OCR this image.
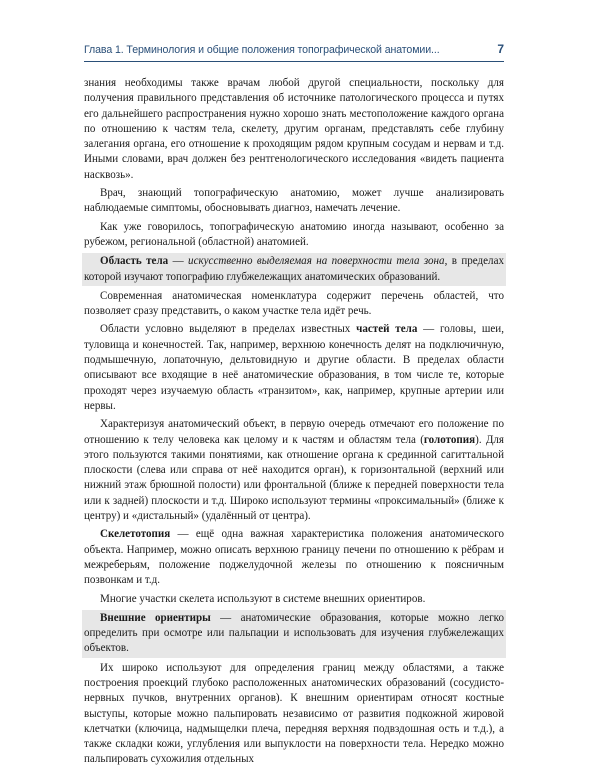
Глава 1. Терминология и общие положения топографической анатомии...	7

знания необходимы также врачам любой другой специальности, поскольку для получения правильного представления об источнике патологического процесса и путях его дальнейшего распространения нужно хорошо знать местоположение каждого органа по отношению к частям тела, скелету, другим органам, представлять себе глубину залегания органа, его отношение к проходящим рядом крупным сосудам и нервам и т.д. Иными словами, врач должен без рентгенологического исследования «видеть пациента насквозь».

Врач, знающий топографическую анатомию, может лучше анализировать наблюдаемые симптомы, обосновывать диагноз, намечать лечение.

Как уже говорилось, топографическую анатомию иногда называют, особенно за рубежом, региональной (областной) анатомией.

Область тела — искусственно выделяемая на поверхности тела зона, в пределах которой изучают топографию глубжележащих анатомических образований.

Современная анатомическая номенклатура содержит перечень областей, что позволяет сразу представить, о каком участке тела идёт речь.

Области условно выделяют в пределах известных частей тела — головы, шеи, туловища и конечностей. Так, например, верхнюю конечность делят на подключичную, подмышечную, лопаточную, дельтовидную и другие области. В пределах области описывают все входящие в неё анатомические образования, в том числе те, которые проходят через изучаемую область «транзитом», как, например, крупные артерии или нервы.

Характеризуя анатомический объект, в первую очередь отмечают его положение по отношению к телу человека как целому и к частям и областям тела (голотопия). Для этого пользуются такими понятиями, как отношение органа к срединной сагиттальной плоскости (слева или справа от неё находится орган), к горизонтальной (верхний или нижний этаж брюшной полости) или фронтальной (ближе к передней поверхности тела или к задней) плоскости и т.д. Широко используют термины «проксимальный» (ближе к центру) и «дистальный» (удалённый от центра).

Скелетотопия — ещё одна важная характеристика положения анатомического объекта. Например, можно описать верхнюю границу печени по отношению к рёбрам и межреберьям, положение поджелудочной железы по отношению к поясничным позвонкам и т.д.

Многие участки скелета используют в системе внешних ориентиров.

Внешние ориентиры — анатомические образования, которые можно легко определить при осмотре или пальпации и использовать для изучения глубжележащих объектов.

Их широко используют для определения границ между областями, а также построения проекций глубоко расположенных анатомических образований (сосудисто-нервных пучков, внутренних органов). К внешним ориентирам относят костные выступы, которые можно пальпировать независимо от развития подкожной жировой клетчатки (ключица, надмыщелки плеча, передняя верхняя подвздошная ость и т.д.), а также складки кожи, углубления или выпуклости на поверхности тела. Нередко можно пальпировать сухожилия отдельных
